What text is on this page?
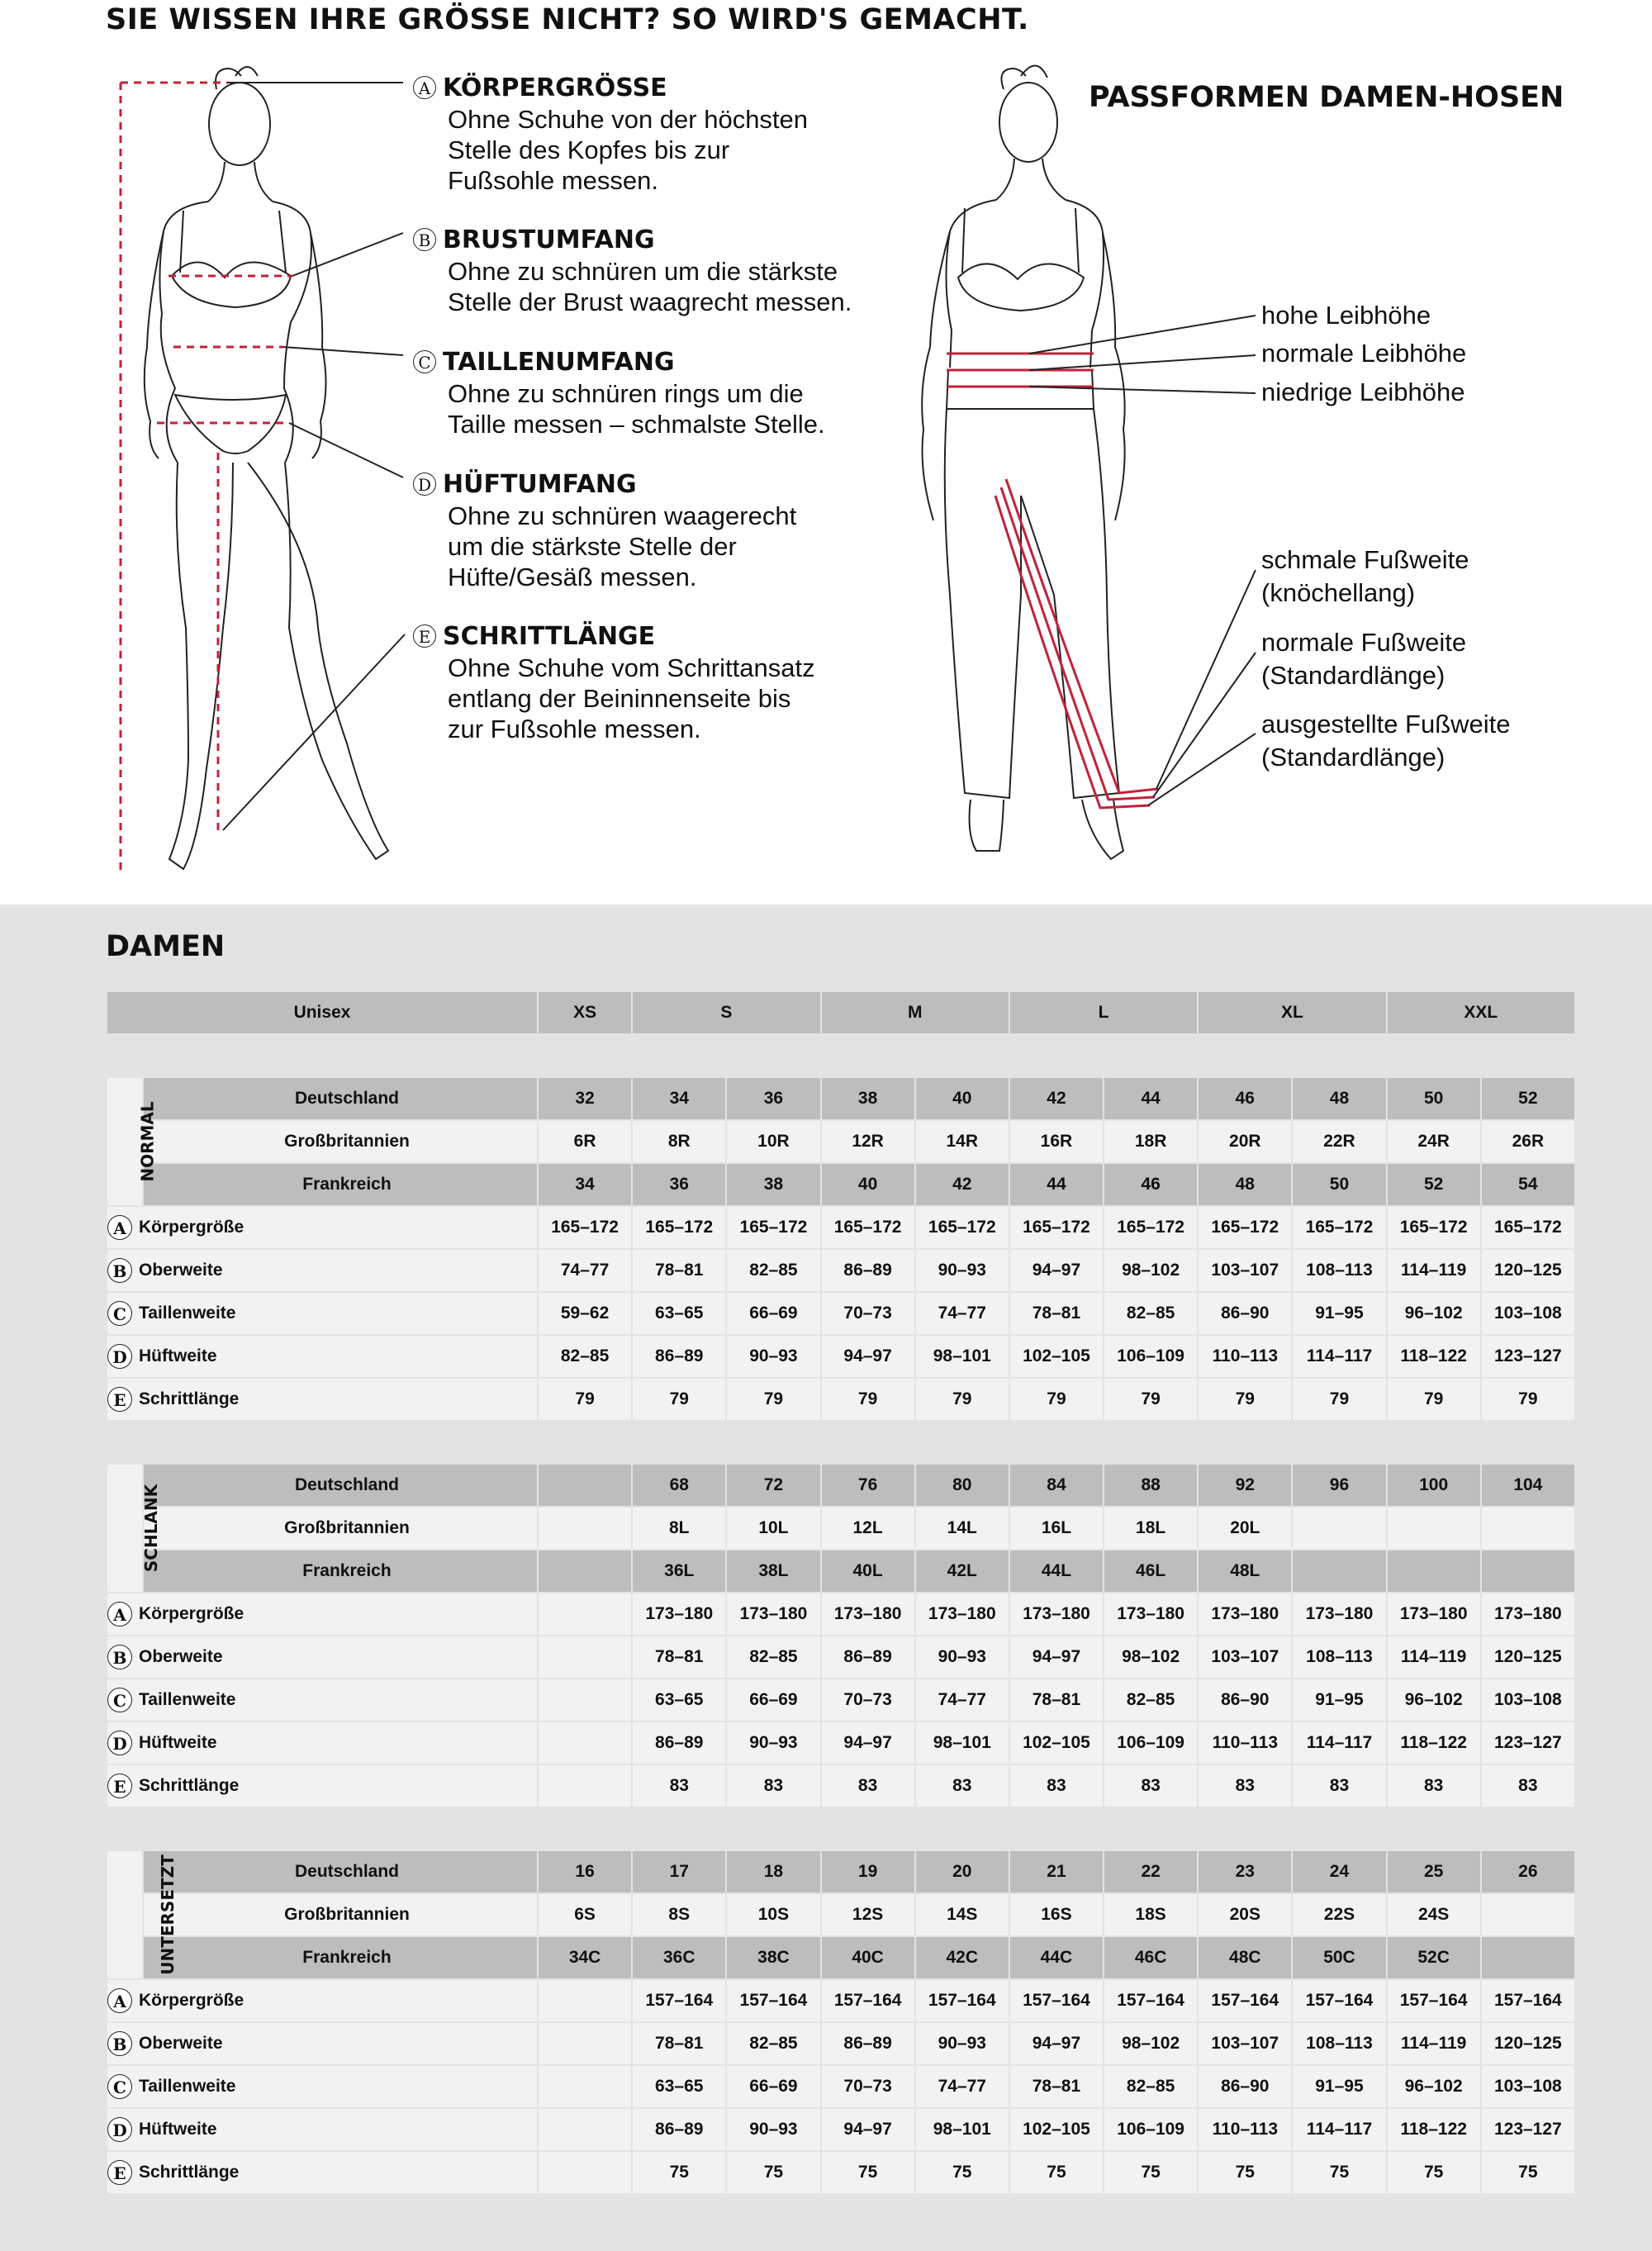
SIE WISSEN IHRE GRÖSSE NICHT? SO WIRD'S GEMACHT.
A KÖRPERGRÖSSE
Ohne Schuhe von der höchsten
Stelle des Kopfes bis zur
Fußsohle messen.
B BRUSTUMFANG
Ohne zu schnüren um die stärkste
Stelle der Brust waagrecht messen.
C TAILLENUMFANG
Ohne zu schnüren rings um die
Taille messen – schmalste Stelle.
D HÜFTUMFANG
Ohne zu schnüren waagerecht
um die stärkste Stelle der
Hüfte/Gesäß messen.
E SCHRITTLÄNGE
Ohne Schuhe vom Schrittansatz
entlang der Beininnenseite bis
zur Fußsohle messen.
PASSFORMEN DAMEN-HOSEN
hohe Leibhöhe
normale Leibhöhe
niedrige Leibhöhe
schmale Fußweite
(knöchellang)
normale Fußweite
(Standardlänge)
ausgestellte Fußweite
(Standardlänge)
DAMEN
Unisex		XS	S		M		L		XL		XXL	

NORMAL	Deutschland	32	34	36	38	40	42	44	46	48	50	52
	Großbritannien	6R	8R	10R	12R	14R	16R	18R	20R	22R	24R	26R
	Frankreich	34	36	38	40	42	44	46	48	50	52	54

A Körpergröße		165–172	165–172	165–172	165–172	165–172	165–172	165–172	165–172	165–172	165–172	165–172

B Oberweite		74–77	78–81	82–85	86–89	90–93	94–97	98–102	103–107	108–113	114–119	120–125

C Taillenweite		59–62	63–65	66–69	70–73	74–77	78–81	82–85	86–90	91–95	96–102	103–108

D Hüftweite		82–85	86–89	90–93	94–97	98–101	102–105	106–109	110–113	114–117	118–122	123–127

E Schrittlänge		79	79	79	79	79	79	79	79	79	79	79

SCHLANK	Deutschland		68	72	76	80	84	88	92	96	100	104
	Großbritannien		8L	10L	12L	14L	16L	18L	20L			
	Frankreich		36L	38L	40L	42L	44L	46L	48L			

A Körpergröße			173–180	173–180	173–180	173–180	173–180	173–180	173–180	173–180	173–180	173–180

B Oberweite			78–81	82–85	86–89	90–93	94–97	98–102	103–107	108–113	114–119	120–125

C Taillenweite			63–65	66–69	70–73	74–77	78–81	82–85	86–90	91–95	96–102	103–108

D Hüftweite			86–89	90–93	94–97	98–101	102–105	106–109	110–113	114–117	118–122	123–127

E Schrittlänge			83	83	83	83	83	83	83	83	83	83

UNTERSETZT	Deutschland	16	17	18	19	20	21	22	23	24	25	26
	Großbritannien	6S	8S	10S	12S	14S	16S	18S	20S	22S	24S	
	Frankreich	34C	36C	38C	40C	42C	44C	46C	48C	50C	52C	

A Körpergröße			157–164	157–164	157–164	157–164	157–164	157–164	157–164	157–164	157–164	157–164

B Oberweite			78–81	82–85	86–89	90–93	94–97	98–102	103–107	108–113	114–119	120–125

C Taillenweite			63–65	66–69	70–73	74–77	78–81	82–85	86–90	91–95	96–102	103–108

D Hüftweite			86–89	90–93	94–97	98–101	102–105	106–109	110–113	114–117	118–122	123–127

E Schrittlänge			75	75	75	75	75	75	75	75	75	75
